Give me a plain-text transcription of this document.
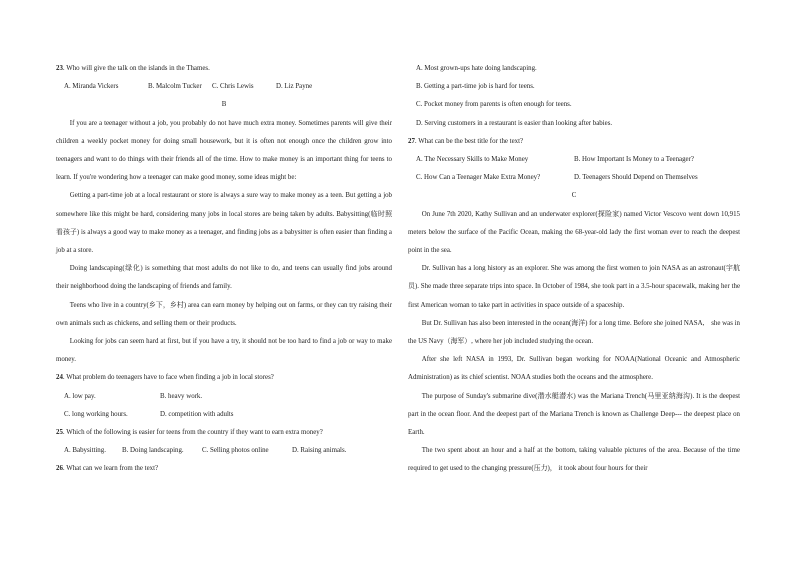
23. Who will give the talk on the islands in the Thames.

A. Miranda Vickers	B. Malcolm Tucker	C. Chris Lewis	D. Liz Payne

B

If you are a teenager without a job, you probably do not have much extra money. Sometimes parents will give their children a weekly pocket money for doing small housework, but it is often not enough once the children grow into teenagers and want to do things with their friends all of the time. How to make money is an important thing for teens to learn. If you're wondering how a teenager can make good money, some ideas might be:

Getting a part-time job at a local restaurant or store is always a sure way to make money as a teen. But getting a job somewhere like this might be hard, considering many jobs in local stores are being taken by adults. Babysitting(临时照看孩子) is always a good way to make money as a teenager, and finding jobs as a babysitter is often easier than finding a job at a store.

Doing landscaping(绿化) is something that most adults do not like to do, and teens can usually find jobs around their neighborhood doing the landscaping of friends and family.

Teens who live in a country(乡下，乡村) area can earn money by helping out on farms, or they can try raising their own animals such as chickens, and selling them or their products.

Looking for jobs can seem hard at first, but if you have a try, it should not be too hard to find a job or way to make money.

24. What problem do teenagers have to face when finding a job in local stores?

A. low pay.	B. heavy work.
C. long working hours.	D. competition with adults

25. Which of the following is easier for teens from the country if they want to earn extra money?

A. Babysitting.	B. Doing landscaping.	C. Selling photos online	D. Raising animals.

26. What can we learn from the text?

A. Most grown-ups hate doing landscaping.

B. Getting a part-time job is hard for teens.

C. Pocket money from parents is often enough for teens.

D. Serving customers in a restaurant is easier than looking after babies.

27. What can be the best title for the text?

A. The Necessary Skills to Make Money	B. How Important Is Money to a Teenager?
C. How Can a Teenager Make Extra Money?	D. Teenagers Should Depend on Themselves

C

On June 7th 2020, Kathy Sullivan and an underwater explorer(探险家) named Victor Vescovo went down 10,915 meters below the surface of the Pacific Ocean, making the 68-year-old lady the first woman ever to reach the deepest point in the sea.

Dr. Sullivan has a long history as an explorer. She was among the first women to join NASA as an astronaut(宇航员). She made three separate trips into space. In October of 1984, she took part in a 3.5-hour spacewalk, making her the first American woman to take part in activities in space outside of a spaceship.

But Dr. Sullivan has also been interested in the ocean(海洋) for a long time. Before she joined NASA,　she was in the US Navy（海军）, where her job included studying the ocean.

After she left NASA in 1993, Dr. Sullivan began working for NOAA(National Oceanic and Atmospheric Administration) as its chief scientist. NOAA studies both the oceans and the atmosphere.

The purpose of Sunday's submarine dive(潜水艇潜水) was the Mariana Trench(马里亚纳海沟). It is the deepest part in the ocean floor. And the deepest part of the Mariana Trench is known as Challenge Deep--- the deepest place on Earth.

The two spent about an hour and a half at the bottom, taking valuable pictures of the area. Because of the time required to get used to the changing pressure(压力)， it took about four hours for their
